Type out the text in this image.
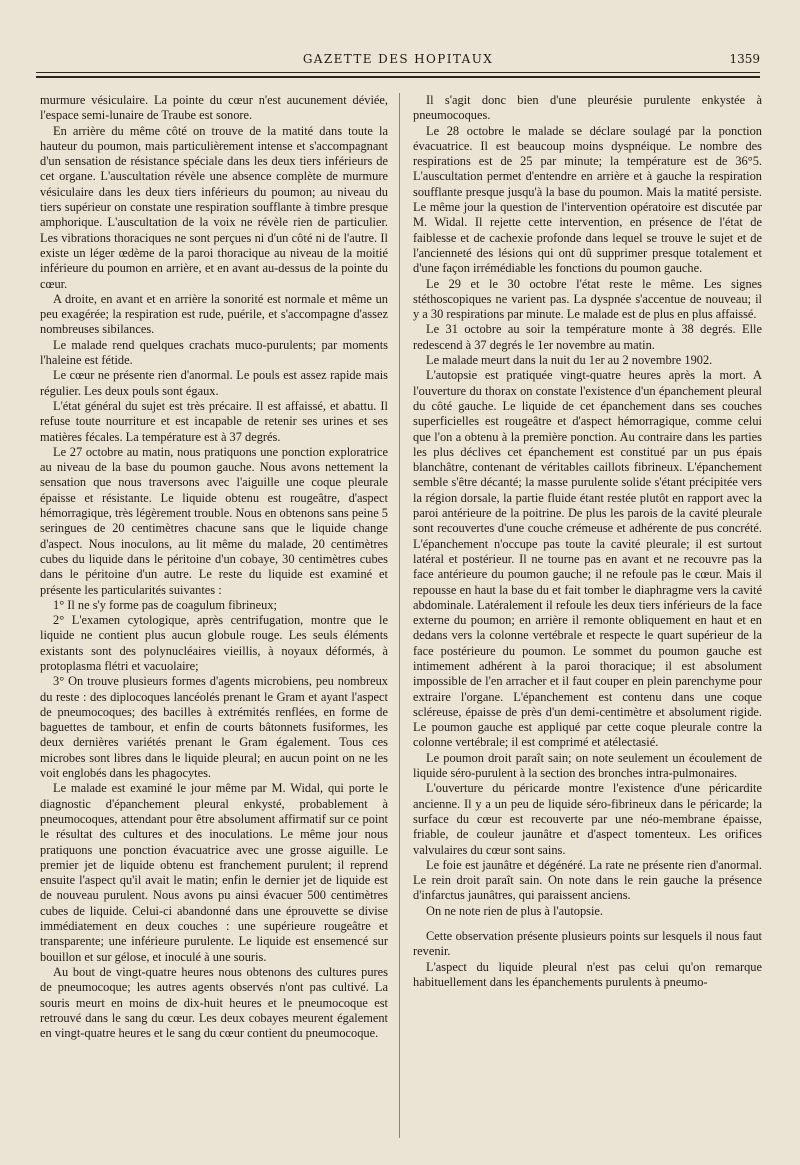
GAZETTE DES HOPITAUX	1359

murmure vésiculaire. La pointe du cœur n'est aucunement déviée, l'espace semi-lunaire de Traube est sonore.

En arrière du même côté on trouve de la matité dans toute la hauteur du poumon, mais particulièrement intense et s'accompagnant d'un sensation de résistance spéciale dans les deux tiers inférieurs de cet organe. L'auscultation révèle une absence complète de murmure vésiculaire dans les deux tiers inférieurs du poumon; au niveau du tiers supérieur on constate une respiration soufflante à timbre presque amphorique. L'auscultation de la voix ne révèle rien de particulier. Les vibrations thoraciques ne sont perçues ni d'un côté ni de l'autre. Il existe un léger œdème de la paroi thoracique au niveau de la moitié inférieure du poumon en arrière, et en avant au-dessus de la pointe du cœur.

A droite, en avant et en arrière la sonorité est normale et même un peu exagérée; la respiration est rude, puérile, et s'accompagne d'assez nombreuses sibilances.

Le malade rend quelques crachats muco-purulents; par moments l'haleine est fétide.

Le cœur ne présente rien d'anormal. Le pouls est assez rapide mais régulier. Les deux pouls sont égaux.

L'état général du sujet est très précaire. Il est affaissé, et abattu. Il refuse toute nourriture et est incapable de retenir ses urines et ses matières fécales. La température est à 37 degrés.

Le 27 octobre au matin, nous pratiquons une ponction exploratrice au niveau de la base du poumon gauche. Nous avons nettement la sensation que nous traversons avec l'aiguille une coque pleurale épaisse et résistante. Le liquide obtenu est rougeâtre, d'aspect hémorragique, très légèrement trouble. Nous en obtenons sans peine 5 seringues de 20 centimètres chacune sans que le liquide change d'aspect. Nous inoculons, au lit même du malade, 20 centimètres cubes du liquide dans le péritoine d'un cobaye, 30 centimètres cubes dans le péritoine d'un autre. Le reste du liquide est examiné et présente les particularités suivantes :

1° Il ne s'y forme pas de coagulum fibrineux;

2° L'examen cytologique, après centrifugation, montre que le liquide ne contient plus aucun globule rouge. Les seuls éléments existants sont des polynucléaires vieillis, à noyaux déformés, à protoplasma flétri et vacuolaire;

3° On trouve plusieurs formes d'agents microbiens, peu nombreux du reste : des diplocoques lancéolés prenant le Gram et ayant l'aspect de pneumocoques; des bacilles à extrémités renflées, en forme de baguettes de tambour, et enfin de courts bâtonnets fusiformes, les deux dernières variétés prenant le Gram également. Tous ces microbes sont libres dans le liquide pleural; en aucun point on ne les voit englobés dans les phagocytes.

Le malade est examiné le jour même par M. Widal, qui porte le diagnostic d'épanchement pleural enkysté, probablement à pneumocoques, attendant pour être absolument affirmatif sur ce point le résultat des cultures et des inoculations. Le même jour nous pratiquons une ponction évacuatrice avec une grosse aiguille. Le premier jet de liquide obtenu est franchement purulent; il reprend ensuite l'aspect qu'il avait le matin; enfin le dernier jet de liquide est de nouveau purulent. Nous avons pu ainsi évacuer 500 centimètres cubes de liquide. Celui-ci abandonné dans une éprouvette se divise immédiatement en deux couches : une supérieure rougeâtre et transparente; une inférieure purulente. Le liquide est ensemencé sur bouillon et sur gélose, et inoculé à une souris.

Au bout de vingt-quatre heures nous obtenons des cultures pures de pneumocoque; les autres agents observés n'ont pas cultivé. La souris meurt en moins de dix-huit heures et le pneumocoque est retrouvé dans le sang du cœur. Les deux cobayes meurent également en vingt-quatre heures et le sang du cœur contient du pneumocoque.

Il s'agit donc bien d'une pleurésie purulente enkystée à pneumocoques.

Le 28 octobre le malade se déclare soulagé par la ponction évacuatrice. Il est beaucoup moins dyspnéique. Le nombre des respirations est de 25 par minute; la température est de 36°5. L'auscultation permet d'entendre en arrière et à gauche la respiration soufflante presque jusqu'à la base du poumon. Mais la matité persiste. Le même jour la question de l'intervention opératoire est discutée par M. Widal. Il rejette cette intervention, en présence de l'état de faiblesse et de cachexie profonde dans lequel se trouve le sujet et de l'ancienneté des lésions qui ont dû supprimer presque totalement et d'une façon irrémédiable les fonctions du poumon gauche.

Le 29 et le 30 octobre l'état reste le même. Les signes stéthoscopiques ne varient pas. La dyspnée s'accentue de nouveau; il y a 30 respirations par minute. Le malade est de plus en plus affaissé.

Le 31 octobre au soir la température monte à 38 degrés. Elle redescend à 37 degrés le 1er novembre au matin.

Le malade meurt dans la nuit du 1er au 2 novembre 1902.

L'autopsie est pratiquée vingt-quatre heures après la mort. A l'ouverture du thorax on constate l'existence d'un épanchement pleural du côté gauche. Le liquide de cet épanchement dans ses couches superficielles est rougeâtre et d'aspect hémorragique, comme celui que l'on a obtenu à la première ponction. Au contraire dans les parties les plus déclives cet épanchement est constitué par un pus épais blanchâtre, contenant de véritables caillots fibrineux. L'épanchement semble s'être décanté; la masse purulente solide s'étant précipitée vers la région dorsale, la partie fluide étant restée plutôt en rapport avec la paroi antérieure de la poitrine. De plus les parois de la cavité pleurale sont recouvertes d'une couche crémeuse et adhérente de pus concrété. L'épanchement n'occupe pas toute la cavité pleurale; il est surtout latéral et postérieur. Il ne tourne pas en avant et ne recouvre pas la face antérieure du poumon gauche; il ne refoule pas le cœur. Mais il repousse en haut la base du et fait tomber le diaphragme vers la cavité abdominale. Latéralement il refoule les deux tiers inférieurs de la face externe du poumon; en arrière il remonte obliquement en haut et en dedans vers la colonne vertébrale et respecte le quart supérieur de la face postérieure du poumon. Le sommet du poumon gauche est intimement adhérent à la paroi thoracique; il est absolument impossible de l'en arracher et il faut couper en plein parenchyme pour extraire l'organe. L'épanchement est contenu dans une coque scléreuse, épaisse de près d'un demi-centimètre et absolument rigide. Le poumon gauche est appliqué par cette coque pleurale contre la colonne vertébrale; il est comprimé et atélectasié.

Le poumon droit paraît sain; on note seulement un écoulement de liquide séro-purulent à la section des bronches intra-pulmonaires.

L'ouverture du péricarde montre l'existence d'une péricardite ancienne. Il y a un peu de liquide séro-fibrineux dans le péricarde; la surface du cœur est recouverte par une néo-membrane épaisse, friable, de couleur jaunâtre et d'aspect tomenteux. Les orifices valvulaires du cœur sont sains.

Le foie est jaunâtre et dégénéré. La rate ne présente rien d'anormal. Le rein droit paraît sain. On note dans le rein gauche la présence d'infarctus jaunâtres, qui paraissent anciens.

On ne note rien de plus à l'autopsie.

Cette observation présente plusieurs points sur lesquels il nous faut revenir.

L'aspect du liquide pleural n'est pas celui qu'on remarque habituellement dans les épanchements purulents à pneumo-
